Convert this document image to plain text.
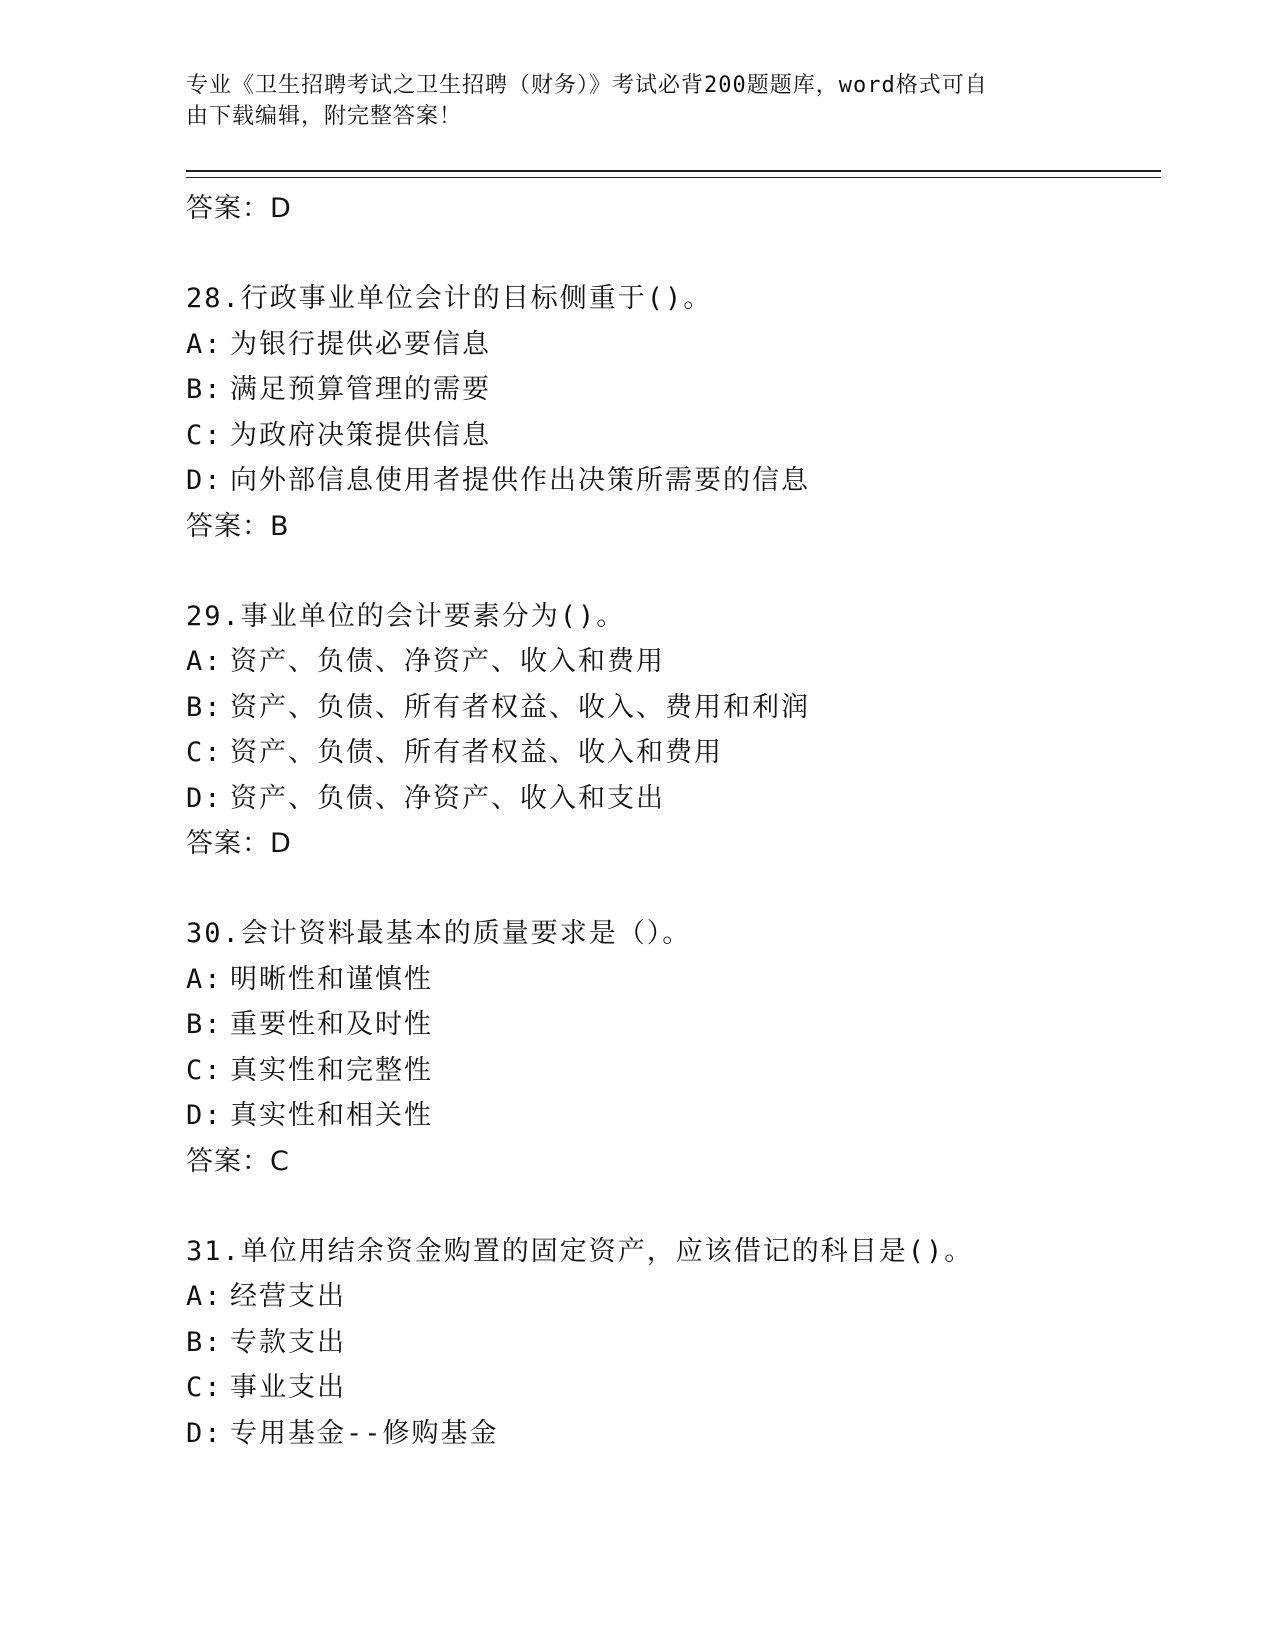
专业《卫生招聘考试之卫生招聘（财务）》考试必背200题题库，word格式可自
由下载编辑，附完整答案！

答案：D

28.行政事业单位会计的目标侧重于()。

A: 为银行提供必要信息

B: 满足预算管理的需要

C: 为政府决策提供信息

D: 向外部信息使用者提供作出决策所需要的信息

答案：B

29.事业单位的会计要素分为()。

A: 资产、负债、净资产、收入和费用

B: 资产、负债、所有者权益、收入、费用和利润

C: 资产、负债、所有者权益、收入和费用

D: 资产、负债、净资产、收入和支出

答案：D

30.会计资料最基本的质量要求是（）。

A: 明晰性和谨慎性

B: 重要性和及时性

C: 真实性和完整性

D: 真实性和相关性

答案：C

31.单位用结余资金购置的固定资产，应该借记的科目是()。

A: 经营支出

B: 专款支出

C: 事业支出

D: 专用基金--修购基金
